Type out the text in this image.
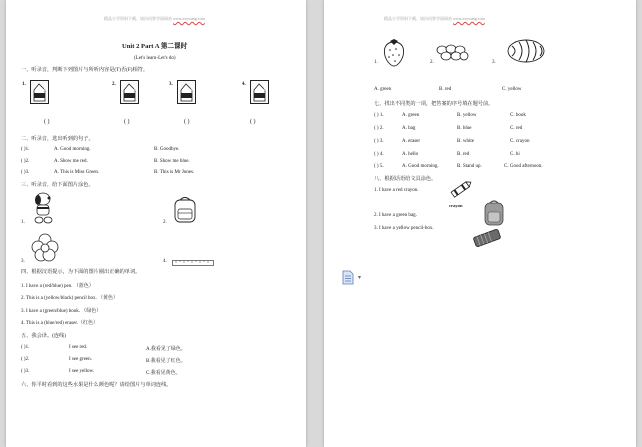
精品小学资料下载，请访问智学园网站 www.zxywang.com
Unit 2 Part A 第二课时
(Let's learn-Let's do)
一、听录音，判断下列图片与所听内容是(T)否(F)相符。
1.
红色
2.
黄色
3.
蓝色
4.
绿色
( )	( )	( )	( )
二、听录音，选出听到的句子。
( )1.	A. Good morning.	B. Goodbye.
( )2.	A. Show me red.	B. Show me blue.
( )3.	A. This is Miss Green.	B. This is Mr Jones.
三、听录音，给下面图片涂色。
1.	2.
3.	4.
四、根据汉语提示，为下面的图片圈出正确的单词。
1. I have a (red/blue) pen. （蓝色）
2. This is a (yellow/black) pencil box. （黄色）
3. I have a (green/blue) book. （绿色）
4. This is a (blue/red) eraser.（红色）
五、我会译。(连线)
( )1.	I see red.	A.我看见了绿色。
( )2.	I see green.	B.我看见了红色。
( )3.	I see yellow.	C.我看见黄色。
六、你平时看到的这些水果是什么颜色呢？请给图片与单词连线。
精品小学资料下载，请访问智学园网站 www.zxywang.com
1.	2.	3.
A. green	B. red	C. yellow
七、找出不同类的一项，把答案的序号填在题号前。
( ) 1.	A. green	B. yellow	C. book
( ) 2.	A. bag	B. blue	C. red
( ) 3.	A. eraser	B. white	C. crayon
( ) 4.	A. hello	B. red	C. hi
( ) 5.	A. Good morning.	B. Stand up.	C. Good afternoon.
八、根据话语给文具涂色。
1. I have a red crayon.
2. I have a green bag.
3. I have a yellow pencil-box.
crayon
▾
